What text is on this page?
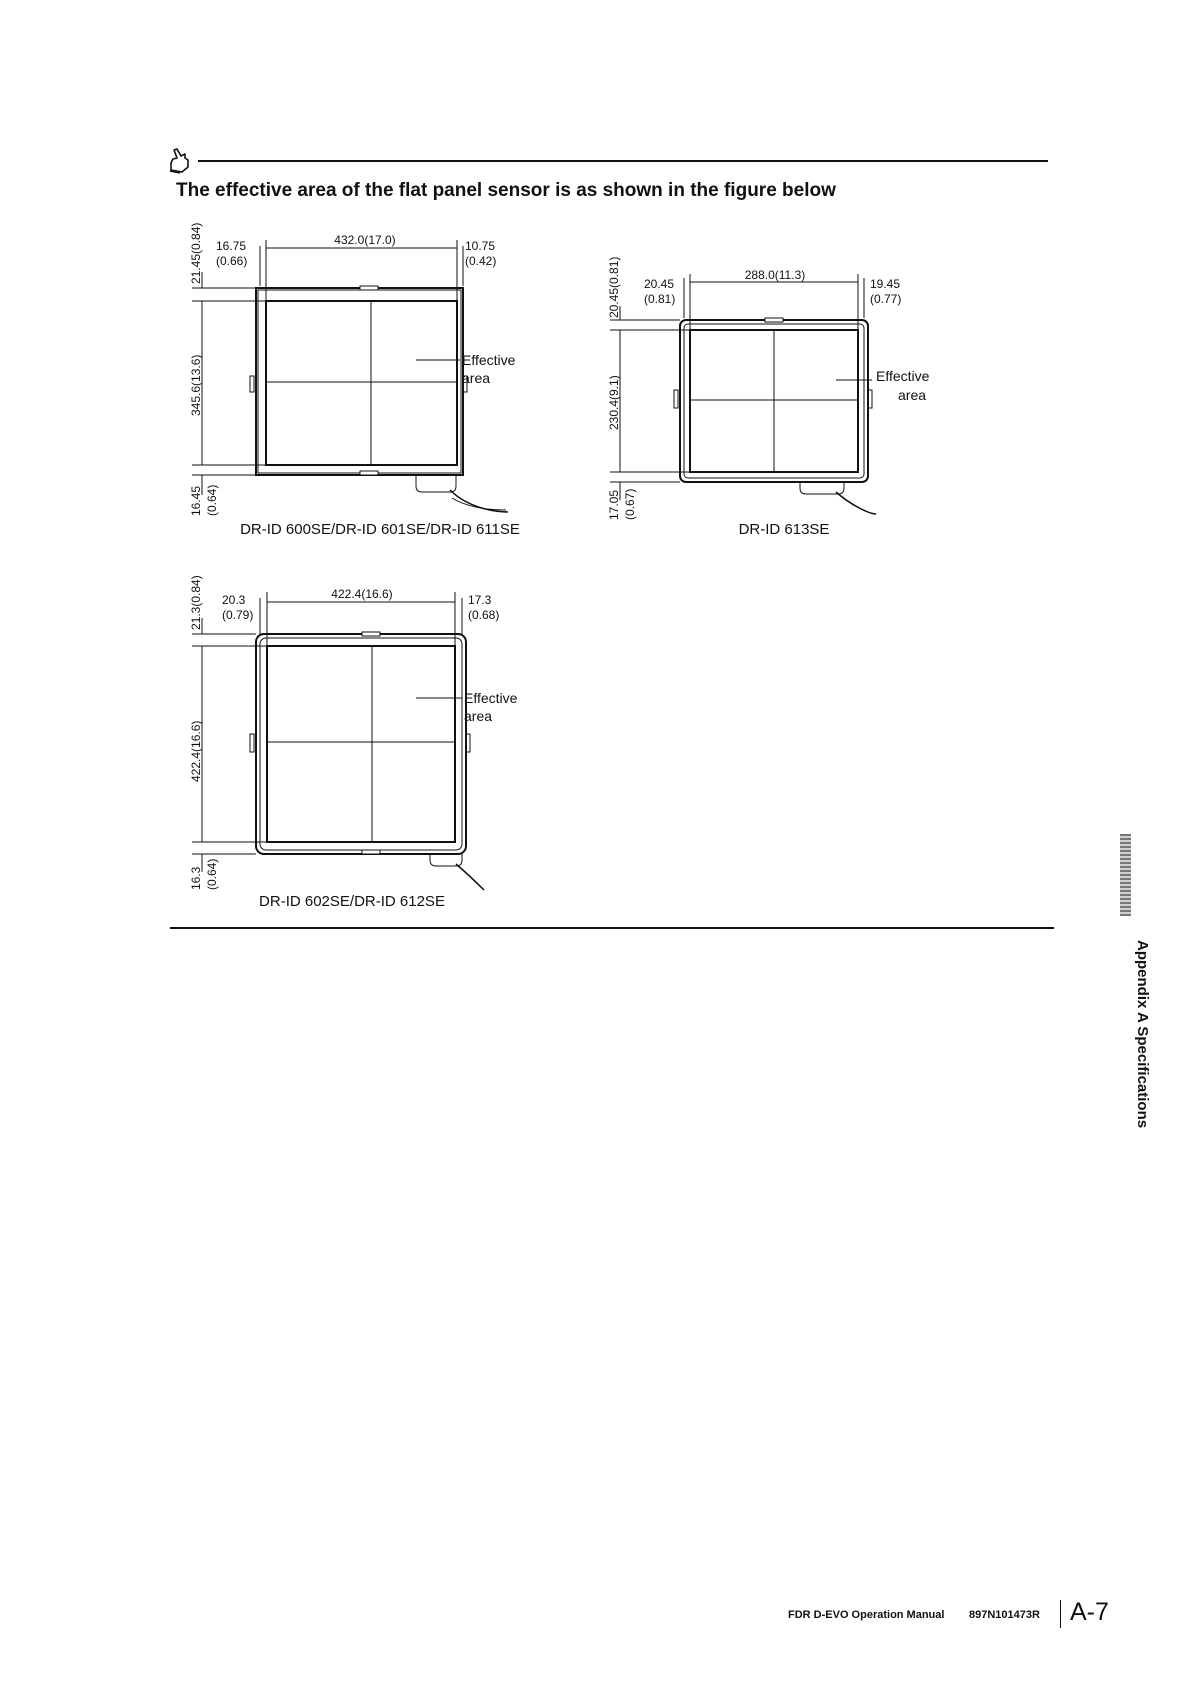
The effective area of the flat panel sensor is as shown in the figure below
16.75
(0.66)
432.0(17.0)	10.75
(0.42)
21.45(0.84)
345.6(13.6)
16.45 (0.64)
Effective
area
DR-ID 600SE/DR-ID 601SE/DR-ID 611SE
20.45
(0.81)
288.0(11.3)
19.45
(0.77)
20.45(0.81)
230.4(9.1)
17.05 (0.67)
Effective
area
DR-ID 613SE
20.3
(0.79)
422.4(16.6)	17.3
(0.68)
21.3(0.84)
422.4(16.6)
16.3 (0.64)
Effective
area
DR-ID 602SE/DR-ID 612SE
Appendix A Specifications
FDR D-EVO Operation Manual 897N101473R A-7
